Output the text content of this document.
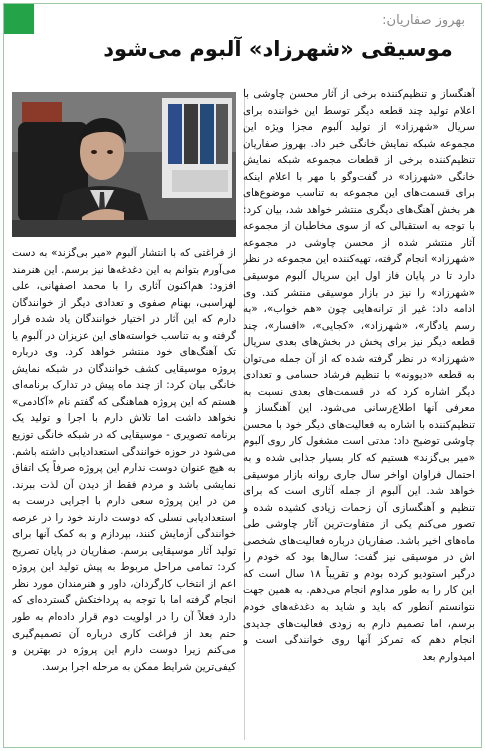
بهروز صفاریان:
موسیقی «شهرزاد» آلبوم می‌شود
آهنگساز و تنظیم‌کننده برخی از آثار محسن چاوشی با اعلام تولید چند قطعه دیگر توسط این خواننده برای سریال «شهرزاد» از تولید آلبوم مجزا ویژه این مجموعه شبکه نمایش خانگی خبر داد. بهروز صفاریان تنظیم‌کننده برخی از قطعات مجموعه شبکه نمایش خانگی «شهرزاد» در گفت‌وگو با مهر با اعلام اینکه برای قسمت‌های این مجموعه به تناسب موضوع‌های هر بخش آهنگ‌های دیگری منتشر خواهد شد، بیان کرد: با توجه به استقبالی که از سوی مخاطبان از مجموعه آثار منتشر شده از محسن چاوشی در مجموعه «شهرزاد» انجام گرفته، تهیه‌کننده این مجموعه در نظر دارد تا در پایان فاز اول این سریال آلبوم موسیقی «شهرزاد» را نیز در بازار موسیقی منتشر کند. وی ادامه داد: غیر از ترانه‌هایی چون «هم خواب»، «به رسم یادگار»، «شهرزاد»، «کجایی»، «افسار»، چند قطعه دیگر نیز برای پخش در بخش‌های بعدی سریال «شهرزاد» در نظر گرفته شده که از آن جمله می‌توان به قطعه «دیوونه» با تنظیم فرشاد حسامی و تعدادی دیگر اشاره کرد که در قسمت‌های بعدی نسبت به معرفی آنها اطلاع‌رسانی می‌شود. این آهنگساز و تنظیم‌کننده با اشاره به فعالیت‌های دیگر خود با محسن چاوشی توضیح داد: مدتی است مشغول کار روی آلبوم «میر بی‌گزند» هستیم که کار بسیار جذابی شده و به احتمال فراوان اواخر سال جاری روانه بازار موسیقی خواهد شد. این آلبوم از جمله آثاری است که برای تنظیم و آهنگسازی آن زحمات زیادی کشیده شده و تصور می‌کنم یکی از متفاوت‌ترین آثار چاوشی طی ماه‌های اخیر باشد. صفاریان درباره فعالیت‌های شخصی اش در موسیقی نیز گفت: سال‌ها بود که خودم را درگیر استودیو کرده بودم و تقریباً ۱۸ سال است که این کار را به طور مداوم انجام می‌دهم. به همین جهت نتوانستم آنطور که باید و شاید به دغدغه‌های خودم برسم، اما تصمیم دارم به زودی فعالیت‌های جدیدی انجام دهم که تمرکز آنها روی خوانندگی است و امیدوارم بعد
از فراغتی که با انتشار آلبوم «میر بی‌گزند» به دست می‌آورم بتوانم به این دغدغه‌ها نیز برسم. این هنرمند افزود: هم‌اکنون آثاری را با محمد اصفهانی، علی لهراسبی، بهنام صفوی و تعدادی دیگر از خوانندگان دارم که این آثار در اختیار خوانندگان یاد شده قرار گرفته و به تناسب خواسته‌های این عزیزان در آلبوم یا تک آهنگ‌های خود منتشر خواهد کرد. وی درباره پروژه موسیقایی کشف خوانندگان در شبکه نمایش خانگی بیان کرد: از چند ماه پیش در تدارک برنامه‌ای هستم که این پروژه هماهنگی که گفتم نام «آکادمی» نخواهد داشت اما تلاش دارم با اجرا و تولید یک برنامه تصویری - موسیقایی که در شبکه خانگی توزیع می‌شود در حوزه خوانندگی استعدادیابی داشته باشم. به هیچ عنوان دوست ندارم این پروژه صرفاً یک اتفاق نمایشی باشد و مردم فقط از دیدن آن لذت ببرند. من در این پروژه سعی دارم با اجرایی درست به استعدادیابی نسلی که دوست دارند خود را در عرصه خوانندگی آزمایش کنند، بپردازم و به کمک آنها برای تولید آثار موسیقایی برسم. صفاریان در پایان تصریح کرد: تمامی مراحل مربوط به پیش تولید این پروژه اعم از انتخاب کارگردان، داور و هنرمندان مورد نظر انجام گرفته اما با توجه به پرداختکش گسترده‌ای که دارد فعلاً آن را در اولویت دوم قرار داده‌ام به طور حتم بعد از فراغت کاری درباره آن تصمیم‌گیری می‌کنم زیرا دوست دارم این پروژه در بهترین و کیفی‌ترین شرایط ممکن به مرحله اجرا برسد.
